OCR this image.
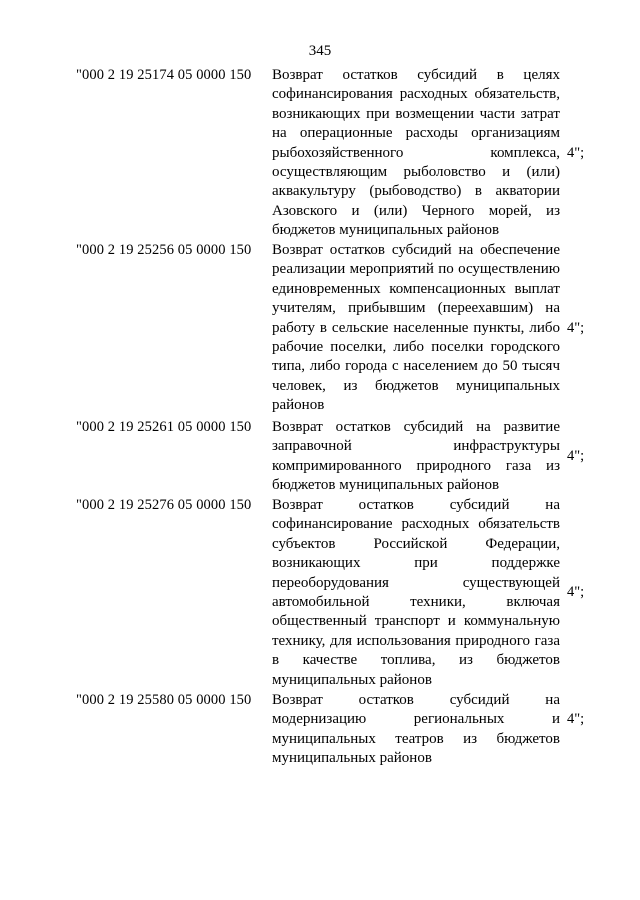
345
"000 2 19 25174 05 0000 150 Возврат остатков субсидий в целях софинансирования расходных обязательств, возникающих при возмещении части затрат на операционные расходы организациям рыбохозяйственного комплекса, осуществляющим рыболовство и (или) аквакультуру (рыбоводство) в акватории Азовского и (или) Черного морей, из бюджетов муниципальных районов
4";
"000 2 19 25256 05 0000 150 Возврат остатков субсидий на обеспечение реализации мероприятий по осуществлению единовременных компенсационных выплат учителям, прибывшим (переехавшим) на работу в сельские населенные пункты, либо рабочие поселки, либо поселки городского типа, либо города с населением до 50 тысяч человек, из бюджетов муниципальных районов
4";
"000 2 19 25261 05 0000 150 Возврат остатков субсидий на развитие заправочной инфраструктуры компримированного природного газа из бюджетов муниципальных районов
4";
"000 2 19 25276 05 0000 150 Возврат остатков субсидий на софинансирование расходных обязательств субъектов Российской Федерации, возникающих при поддержке переоборудования существующей автомобильной техники, включая общественный транспорт и коммунальную технику, для использования природного газа в качестве топлива, из бюджетов муниципальных районов
4";
"000 2 19 25580 05 0000 150 Возврат остатков субсидий на модернизацию региональных и муниципальных театров из бюджетов муниципальных районов
4";
